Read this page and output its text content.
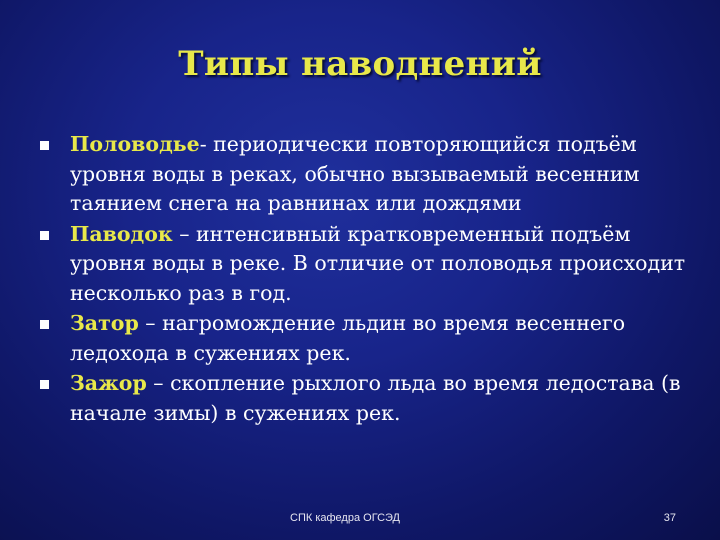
Типы наводнений
Половодье- периодически повторяющийся подъём уровня воды в реках, обычно вызываемый весенним таянием снега на равнинах или дождями
Паводок – интенсивный кратковременный подъём уровня воды в реке. В отличие от половодья происходит несколько раз в год.
Затор – нагромождение льдин во время весеннего ледохода в сужениях рек.
Зажор – скопление рыхлого льда во время ледостава (в начале зимы) в сужениях рек.
СПК кафедра ОГСЭД	37
